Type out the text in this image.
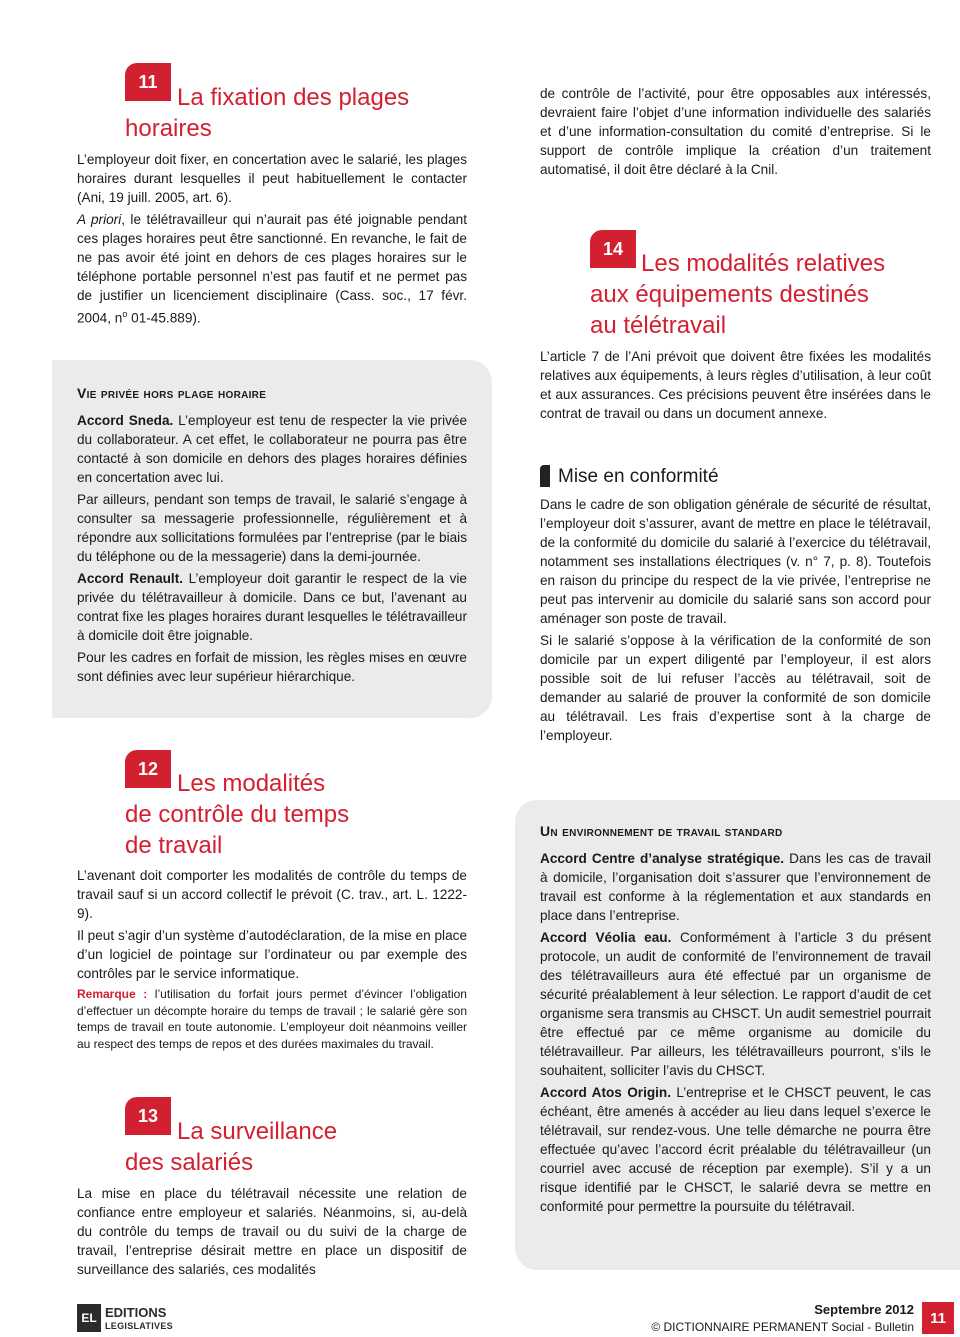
11
La fixation des plages
horaires

L’employeur doit fixer, en concertation avec le salarié, les plages horaires durant lesquelles il peut habituellement le contacter (Ani, 19 juill. 2005, art. 6).

A priori, le télétravailleur qui n’aurait pas été joignable pendant ces plages horaires peut être sanctionné. En revanche, le fait de ne pas avoir été joint en dehors de ces plages horaires sur le téléphone portable personnel n’est pas fautif et ne permet pas de justifier un licenciement disciplinaire (Cass. soc., 17 févr. 2004, $n^o$ 01-45.889).

Vie privée hors plage horaire

Accord Sneda. L’employeur est tenu de respecter la vie privée du collaborateur. A cet effet, le collaborateur ne pourra pas être contacté à son domicile en dehors des plages horaires définies en concertation avec lui.

Par ailleurs, pendant son temps de travail, le salarié s’engage à consulter sa messagerie professionnelle, régulièrement et à répondre aux sollicitations formulées par l’entreprise (par le biais du téléphone ou de la messagerie) dans la demi-journée.

Accord Renault. L’employeur doit garantir le respect de la vie privée du télétravailleur à domicile. Dans ce but, l’avenant au contrat fixe les plages horaires durant lesquelles le télétravailleur à domicile doit être joignable.

Pour les cadres en forfait de mission, les règles mises en œuvre sont définies avec leur supérieur hiérarchique.

12
Les modalités
de contrôle du temps
de travail

L’avenant doit comporter les modalités de contrôle du temps de travail sauf si un accord collectif le prévoit (C. trav., art. L. 1222-9).

Il peut s’agir d’un système d’autodéclaration, de la mise en place d’un logiciel de pointage sur l’ordinateur ou par exemple des contrôles par le service informatique.

Remarque : l’utilisation du forfait jours permet d’évincer l’obligation d’effectuer un décompte horaire du temps de travail ; le salarié gère son temps de travail en toute autonomie. L’employeur doit néanmoins veiller au respect des temps de repos et des durées maximales du travail.

13
La surveillance
des salariés

La mise en place du télétravail nécessite une relation de confiance entre employeur et salariés. Néanmoins, si, au-delà du contrôle du temps de travail ou du suivi de la charge de travail, l’entreprise désirait mettre en place un dispositif de surveillance des salariés, ces modalités

de contrôle de l’activité, pour être opposables aux intéressés, devraient faire l’objet d’une information individuelle des salariés et d’une information-consultation du comité d’entreprise. Si le support de contrôle implique la création d’un traitement automatisé, il doit être déclaré à la Cnil.

14
Les modalités relatives
aux équipements destinés
au télétravail

L’article 7 de l’Ani prévoit que doivent être fixées les modalités relatives aux équipements, à leurs règles d’utilisation, à leur coût et aux assurances. Ces précisions peuvent être insérées dans le contrat de travail ou dans un document annexe.

Mise en conformité

Dans le cadre de son obligation générale de sécurité de résultat, l’employeur doit s’assurer, avant de mettre en place le télétravail, de la conformité du domicile du salarié à l’exercice du télétravail, notamment ses installations électriques (v. n° 7, p. 8). Toutefois en raison du principe du respect de la vie privée, l’entreprise ne peut pas intervenir au domicile du salarié sans son accord pour aménager son poste de travail.

Si le salarié s’oppose à la vérification de la conformité de son domicile par un expert diligenté par l’employeur, il est alors possible soit de lui refuser l’accès au télétravail, soit de demander au salarié de prouver la conformité de son domicile au télétravail. Les frais d’expertise sont à la charge de l’employeur.

Un environnement de travail standard

Accord Centre d’analyse stratégique. Dans les cas de travail à domicile, l’organisation doit s’assurer que l’environnement de travail est conforme à la réglementation et aux standards en place dans l’entreprise.

Accord Véolia eau. Conformément à l’article 3 du présent protocole, un audit de conformité de l’environnement de travail des télétravailleurs aura été effectué par un organisme de sécurité préalablement à leur sélection. Le rapport d’audit de cet organisme sera transmis au CHSCT. Un audit semestriel pourrait être effectué par ce même organisme au domicile du télétravailleur. Par ailleurs, les télétravailleurs pourront, s’ils le souhaitent, solliciter l’avis du CHSCT.

Accord Atos Origin. L’entreprise et le CHSCT peuvent, le cas échéant, être amenés à accéder au lieu dans lequel s’exerce le télétravail, sur rendez-vous. Une telle démarche ne pourra être effectuée qu’avec l’accord écrit préalable du télétravailleur (un courriel avec accusé de réception par exemple). S’il y a un risque identifié par le CHSCT, le salarié devra se mettre en conformité pour permettre la poursuite du télétravail.

EL EDITIONS
LEGISLATIVES
Septembre 2012
© DICTIONNAIRE PERMANENT Social - Bulletin
11
